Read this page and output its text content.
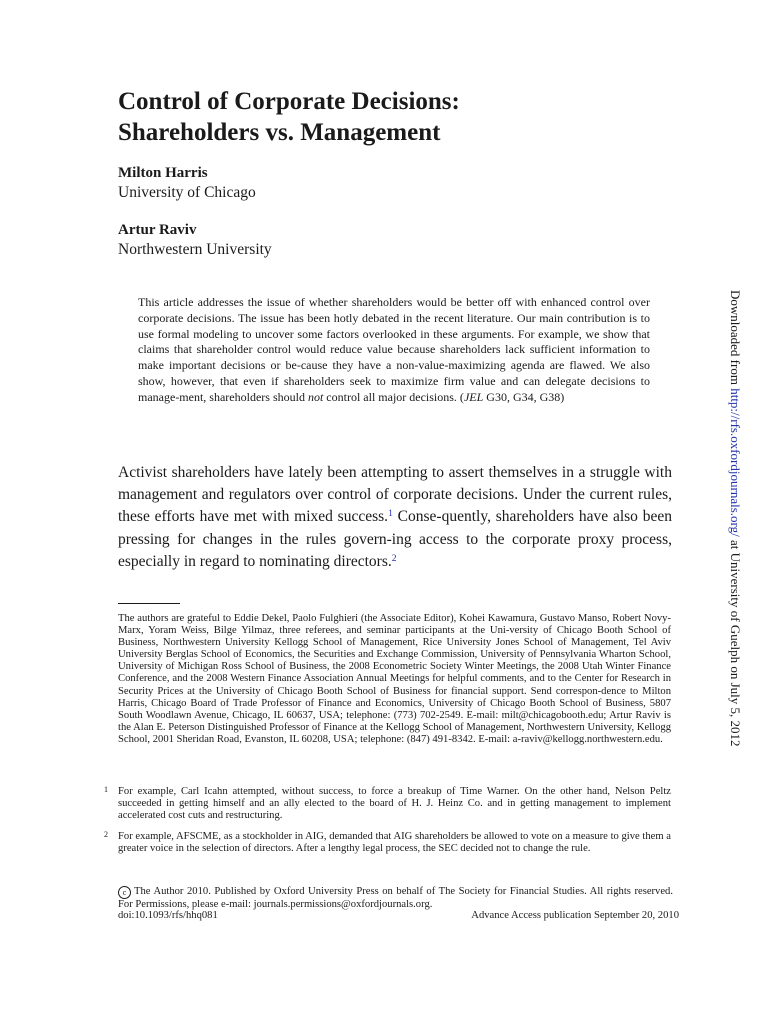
Control of Corporate Decisions:
Shareholders vs. Management
Milton Harris
University of Chicago
Artur Raviv
Northwestern University

This article addresses the issue of whether shareholders would be better off with enhanced control over corporate decisions. The issue has been hotly debated in the recent literature. Our main contribution is to use formal modeling to uncover some factors overlooked in these arguments. For example, we show that claims that shareholder control would reduce value because shareholders lack sufficient information to make important decisions or be-cause they have a non-value-maximizing agenda are flawed. We also show, however, that even if shareholders seek to maximize firm value and can delegate decisions to manage-ment, shareholders should not control all major decisions. (JEL G30, G34, G38)

Activist shareholders have lately been attempting to assert themselves in a struggle with management and regulators over control of corporate decisions. Under the current rules, these efforts have met with mixed success.$^1$ Conse-quently, shareholders have also been pressing for changes in the rules govern-ing access to the corporate proxy process, especially in regard to nominating directors.$^2$

The authors are grateful to Eddie Dekel, Paolo Fulghieri (the Associate Editor), Kohei Kawamura, Gustavo Manso, Robert Novy-Marx, Yoram Weiss, Bilge Yilmaz, three referees, and seminar participants at the Uni-versity of Chicago Booth School of Business, Northwestern University Kellogg School of Management, Rice University Jones School of Management, Tel Aviv University Berglas School of Economics, the Securities and Exchange Commission, University of Pennsylvania Wharton School, University of Michigan Ross School of Business, the 2008 Econometric Society Winter Meetings, the 2008 Utah Winter Finance Conference, and the 2008 Western Finance Association Annual Meetings for helpful comments, and to the Center for Research in Security Prices at the University of Chicago Booth School of Business for financial support. Send correspon-dence to Milton Harris, Chicago Board of Trade Professor of Finance and Economics, University of Chicago Booth School of Business, 5807 South Woodlawn Avenue, Chicago, IL 60637, USA; telephone: (773) 702-2549. E-mail: milt@chicagobooth.edu; Artur Raviv is the Alan E. Peterson Distinguished Professor of Finance at the Kellogg School of Management, Northwestern University, Kellogg School, 2001 Sheridan Road, Evanston, IL 60208, USA; telephone: (847) 491-8342. E-mail: a-raviv@kellogg.northwestern.edu.

1 For example, Carl Icahn attempted, without success, to force a breakup of Time Warner. On the other hand, Nelson Peltz succeeded in getting himself and an ally elected to the board of H. J. Heinz Co. and in getting management to implement accelerated cost cuts and restructuring.

2 For example, AFSCME, as a stockholder in AIG, demanded that AIG shareholders be allowed to vote on a measure to give them a greater voice in the selection of directors. After a lengthy legal process, the SEC decided not to change the rule.

c The Author 2010. Published by Oxford University Press on behalf of The Society for Financial Studies. All rights reserved. For Permissions, please e-mail: journals.permissions@oxfordjournals.org.

doi:10.1093/rfs/hhq081	Advance Access publication September 20, 2010
Downloaded from http://rfs.oxfordjournals.org/ at University of Guelph on July 5, 2012
